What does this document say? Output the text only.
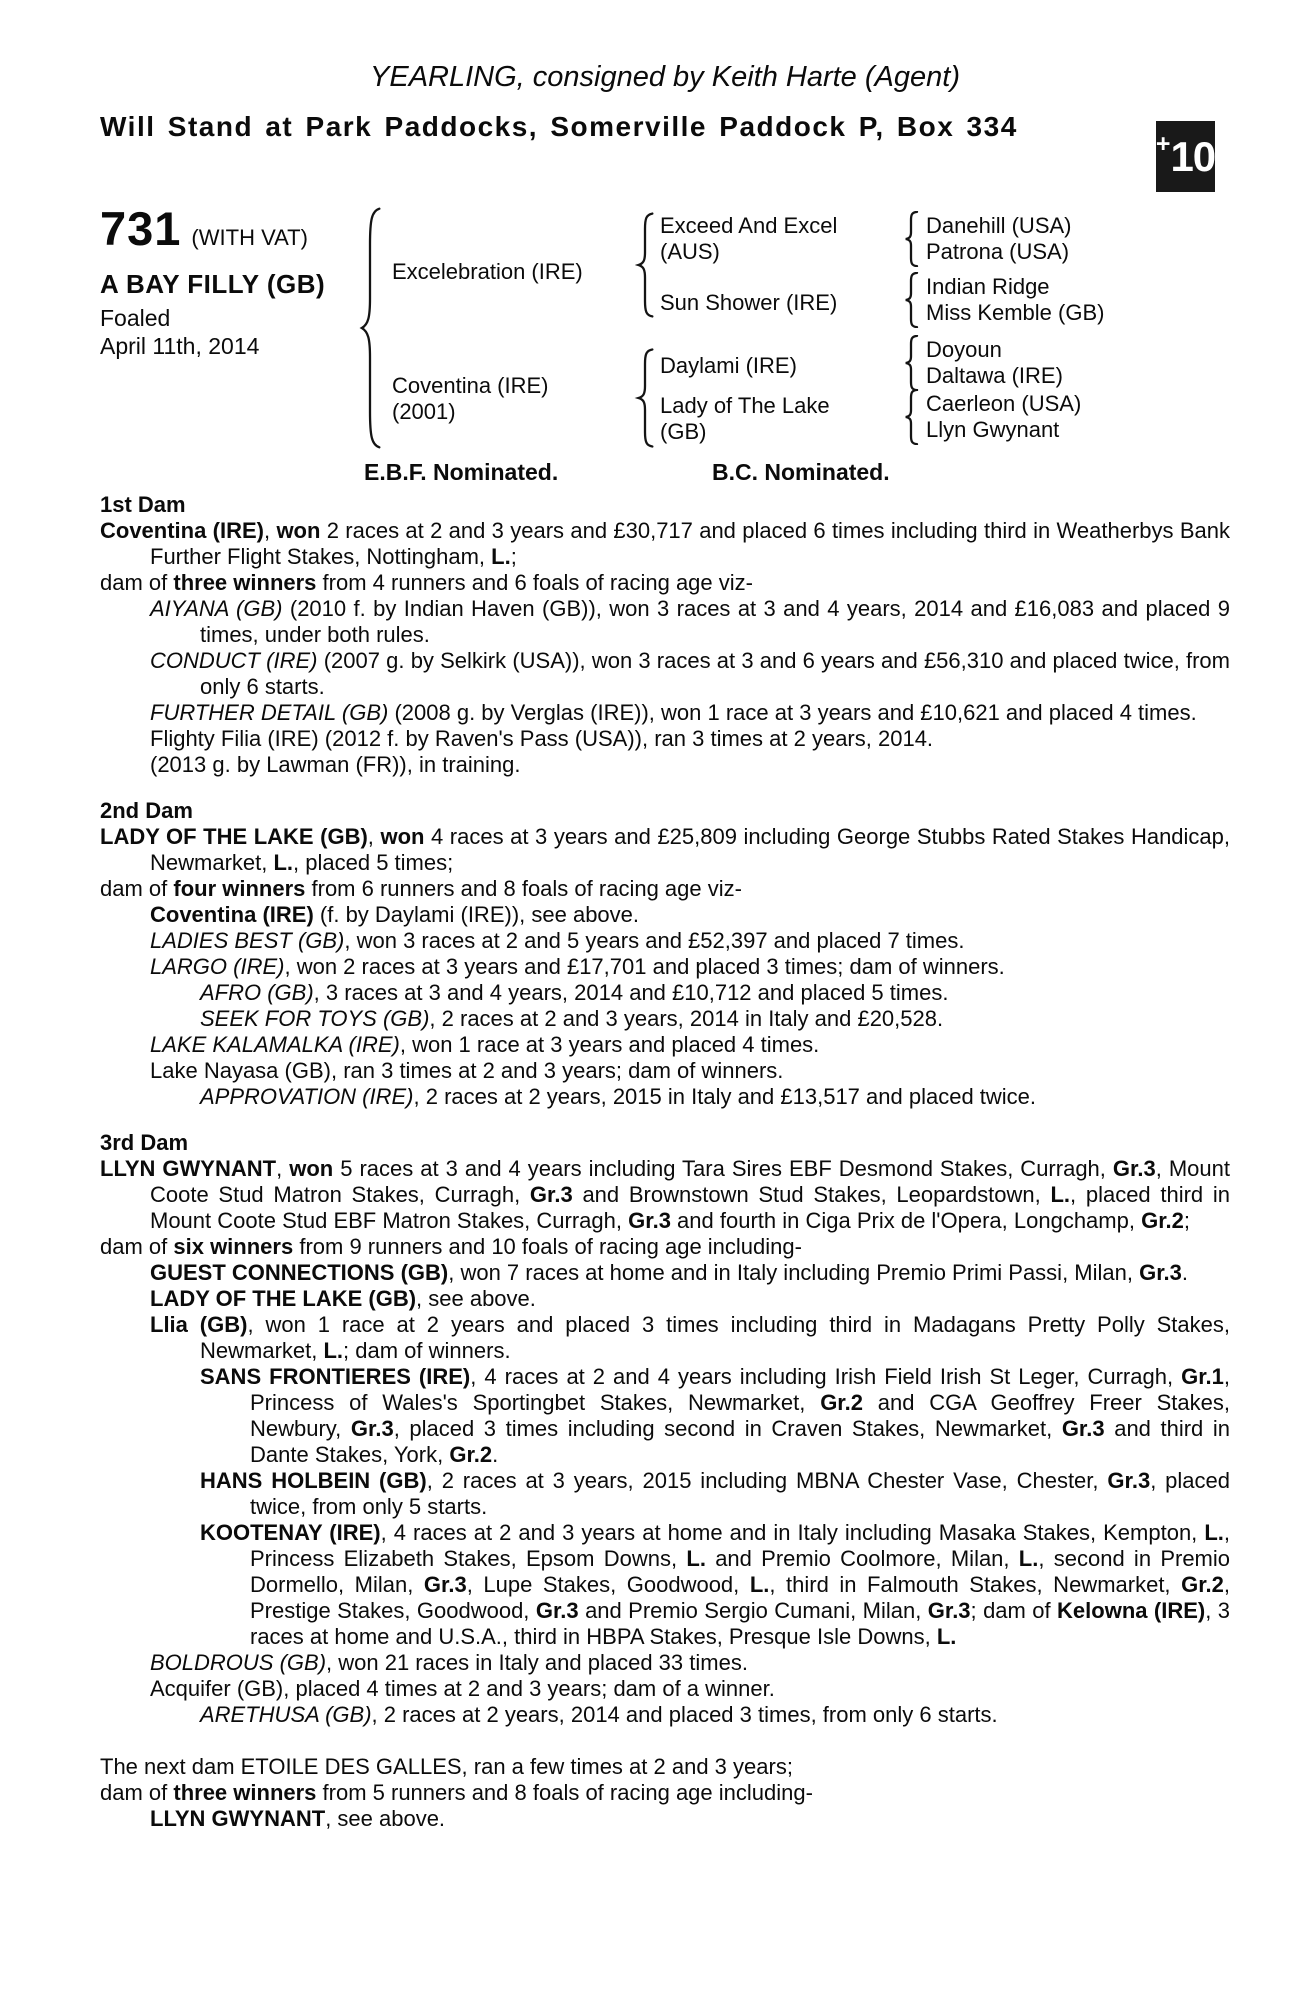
+ 10
YEARLING, consigned by Keith Harte (Agent)
Will Stand at Park Paddocks, Somerville Paddock P, Box 334
731 (WITH VAT)
A BAY FILLY (GB)
Foaled
April 11th, 2014
Excelebration (IRE)
Coventina (IRE)
(2001)
Exceed And Excel
(AUS)
Sun Shower (IRE)
Daylami (IRE)
Lady of The Lake
(GB)
Danehill (USA)
Patrona (USA)
Indian Ridge
Miss Kemble (GB)
Doyoun
Daltawa (IRE)
Caerleon (USA)
Llyn Gwynant
E.B.F. Nominated.	B.C. Nominated.
1st Dam

Coventina (IRE), won 2 races at 2 and 3 years and £30,717 and placed 6 times including third in Weatherbys Bank Further Flight Stakes, Nottingham, L.;

dam of three winners from 4 runners and 6 foals of racing age viz-

AIYANA (GB) (2010 f. by Indian Haven (GB)), won 3 races at 3 and 4 years, 2014 and £16,083 and placed 9 times, under both rules.

CONDUCT (IRE) (2007 g. by Selkirk (USA)), won 3 races at 3 and 6 years and £56,310 and placed twice, from only 6 starts.

FURTHER DETAIL (GB) (2008 g. by Verglas (IRE)), won 1 race at 3 years and £10,621 and placed 4 times.

Flighty Filia (IRE) (2012 f. by Raven's Pass (USA)), ran 3 times at 2 years, 2014.

(2013 g. by Lawman (FR)), in training.

2nd Dam

LADY OF THE LAKE (GB), won 4 races at 3 years and £25,809 including George Stubbs Rated Stakes Handicap, Newmarket, L., placed 5 times;

dam of four winners from 6 runners and 8 foals of racing age viz-

Coventina (IRE) (f. by Daylami (IRE)), see above.

LADIES BEST (GB), won 3 races at 2 and 5 years and £52,397 and placed 7 times.

LARGO (IRE), won 2 races at 3 years and £17,701 and placed 3 times; dam of winners.

AFRO (GB), 3 races at 3 and 4 years, 2014 and £10,712 and placed 5 times.

SEEK FOR TOYS (GB), 2 races at 2 and 3 years, 2014 in Italy and £20,528.

LAKE KALAMALKA (IRE), won 1 race at 3 years and placed 4 times.

Lake Nayasa (GB), ran 3 times at 2 and 3 years; dam of winners.

APPROVATION (IRE), 2 races at 2 years, 2015 in Italy and £13,517 and placed twice.

3rd Dam

LLYN GWYNANT, won 5 races at 3 and 4 years including Tara Sires EBF Desmond Stakes, Curragh, Gr.3, Mount Coote Stud Matron Stakes, Curragh, Gr.3 and Brownstown Stud Stakes, Leopardstown, L., placed third in Mount Coote Stud EBF Matron Stakes, Curragh, Gr.3 and fourth in Ciga Prix de l'Opera, Longchamp, Gr.2;

dam of six winners from 9 runners and 10 foals of racing age including-

GUEST CONNECTIONS (GB), won 7 races at home and in Italy including Premio Primi Passi, Milan, Gr.3.

LADY OF THE LAKE (GB), see above.

Llia (GB), won 1 race at 2 years and placed 3 times including third in Madagans Pretty Polly Stakes, Newmarket, L.; dam of winners.

SANS FRONTIERES (IRE), 4 races at 2 and 4 years including Irish Field Irish St Leger, Curragh, Gr.1, Princess of Wales's Sportingbet Stakes, Newmarket, Gr.2 and CGA Geoffrey Freer Stakes, Newbury, Gr.3, placed 3 times including second in Craven Stakes, Newmarket, Gr.3 and third in Dante Stakes, York, Gr.2.

HANS HOLBEIN (GB), 2 races at 3 years, 2015 including MBNA Chester Vase, Chester, Gr.3, placed twice, from only 5 starts.

KOOTENAY (IRE), 4 races at 2 and 3 years at home and in Italy including Masaka Stakes, Kempton, L., Princess Elizabeth Stakes, Epsom Downs, L. and Premio Coolmore, Milan, L., second in Premio Dormello, Milan, Gr.3, Lupe Stakes, Goodwood, L., third in Falmouth Stakes, Newmarket, Gr.2, Prestige Stakes, Goodwood, Gr.3 and Premio Sergio Cumani, Milan, Gr.3; dam of Kelowna (IRE), 3 races at home and U.S.A., third in HBPA Stakes, Presque Isle Downs, L.

BOLDROUS (GB), won 21 races in Italy and placed 33 times.

Acquifer (GB), placed 4 times at 2 and 3 years; dam of a winner.

ARETHUSA (GB), 2 races at 2 years, 2014 and placed 3 times, from only 6 starts.

The next dam ETOILE DES GALLES, ran a few times at 2 and 3 years;

dam of three winners from 5 runners and 8 foals of racing age including-

LLYN GWYNANT, see above.
